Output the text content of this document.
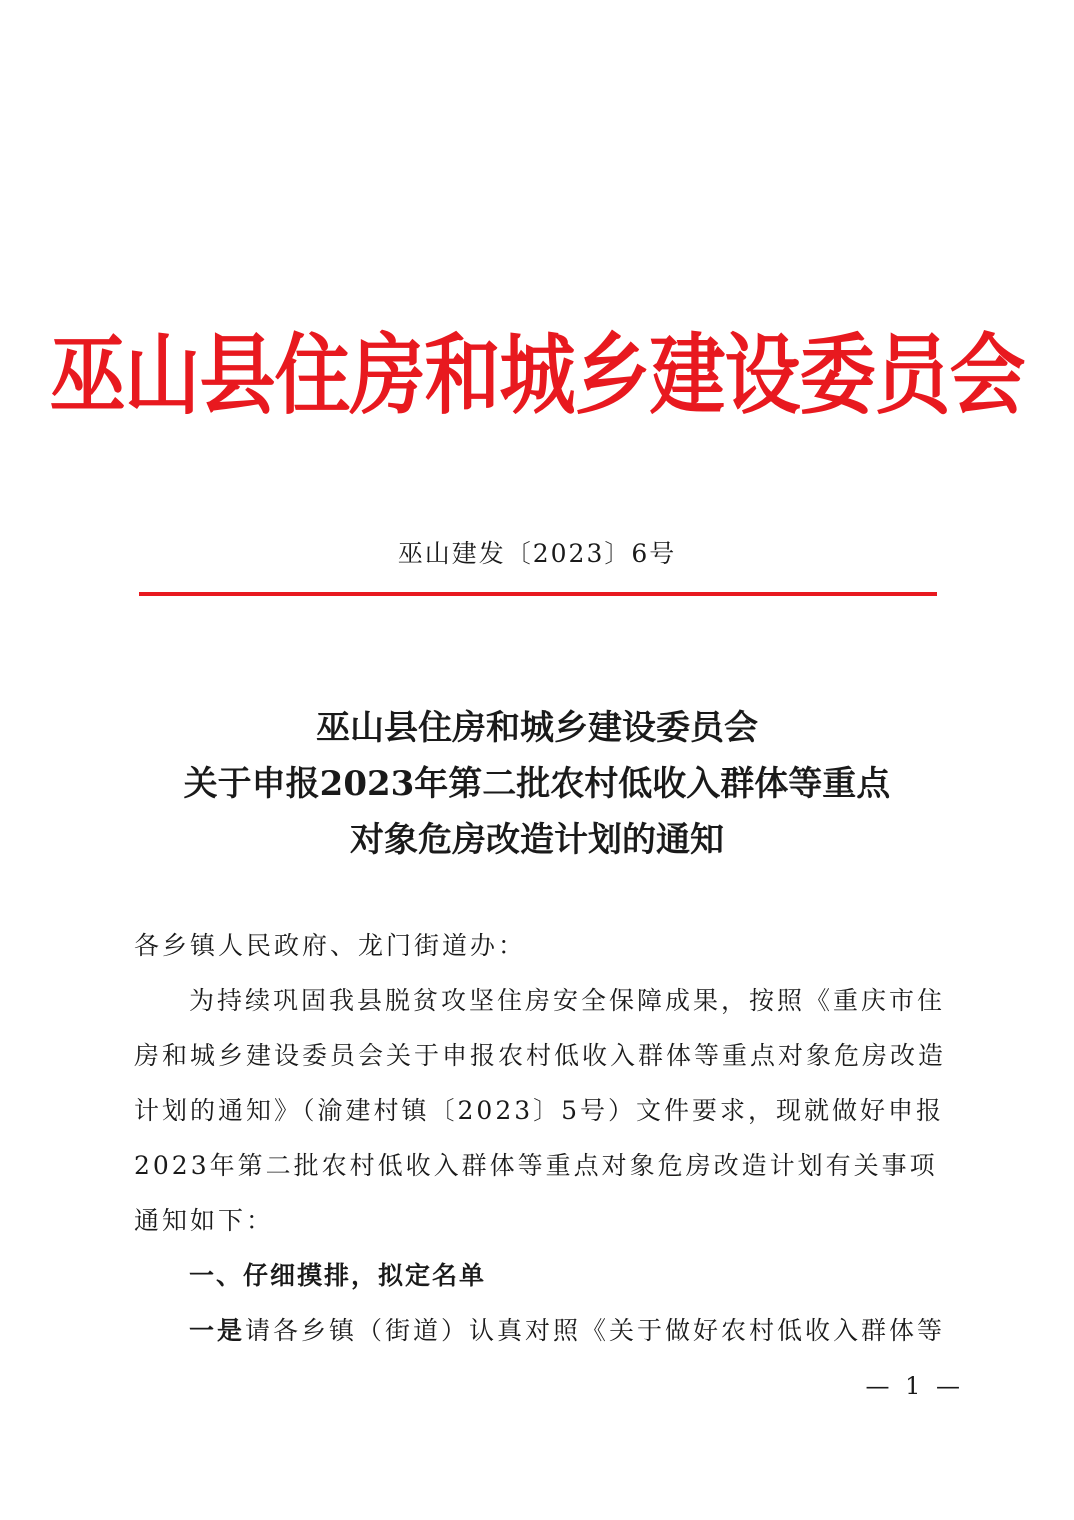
巫山县住房和城乡建设委员会
巫山建发〔2023〕6号
巫山县住房和城乡建设委员会
关于申报2023年第二批农村低收入群体等重点
对象危房改造计划的通知

各乡镇人民政府、龙门街道办：

为持续巩固我县脱贫攻坚住房安全保障成果，按照《重庆市住房和城乡建设委员会关于申报农村低收入群体等重点对象危房改造计划的通知》（渝建村镇〔2023〕5号）文件要求，现就做好申报2023年第二批农村低收入群体等重点对象危房改造计划有关事项通知如下：

一、仔细摸排，拟定名单

一是请各乡镇（街道）认真对照《关于做好农村低收入群体等

— 1 —
